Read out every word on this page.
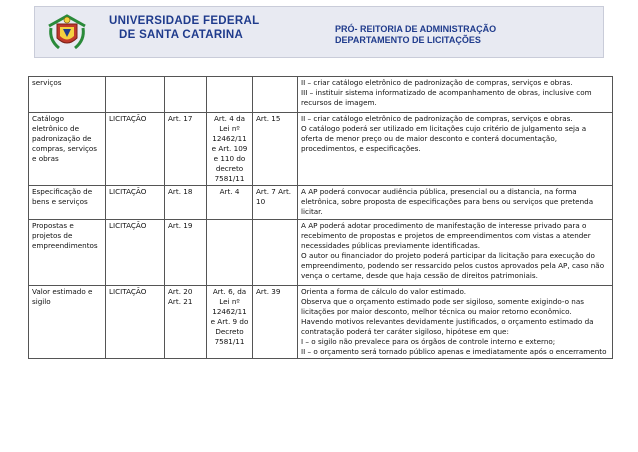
UNIVERSIDADE FEDERAL
DE SANTA CATARINA	PRÓ- REITORIA DE ADMINISTRAÇÃO
DEPARTAMENTO DE LICITAÇÕES
serviços					II – criar catálogo eletrônico de padronização de compras, serviços e obras.
III – instituir sistema informatizado de acompanhamento de obras, inclusive com recursos de imagem.

Catálogo eletrônico de padronização de compras, serviços e obras	LICITAÇÃO	Art. 17	Art. 4 da Lei nº 12462/11 e Art. 109 e 110 do decreto 7581/11	Art. 15	II – criar catálogo eletrônico de padronização de compras, serviços e obras.
O catálogo poderá ser utilizado em licitações cujo critério de julgamento seja a oferta de menor preço ou de maior desconto e conterá documentação, procedimentos, e especificações.

Especificação de bens e serviços	LICITAÇÃO	Art. 18	Art. 4	Art. 7 Art. 10	A AP poderá convocar audiência pública, presencial ou a distancia, na forma eletrônica, sobre proposta de especificações para bens ou serviços que pretenda licitar.

Propostas e projetos de empreendimentos	LICITAÇÃO	Art. 19			A AP poderá adotar procedimento de manifestação de interesse privado para o recebimento de propostas e projetos de empreendimentos com vistas a atender necessidades públicas previamente identificadas.
O autor ou financiador do projeto poderá participar da licitação para execução do empreendimento, podendo ser ressarcido pelos custos aprovados pela AP, caso não vença o certame, desde que haja cessão de direitos patrimoniais.

Valor estimado e sigilo	LICITAÇÃO	Art. 20 Art. 21	Art. 6, da Lei nº 12462/11 e Art. 9 do Decreto 7581/11	Art. 39	Orienta a forma de cálculo do valor estimado.
Observa que o orçamento estimado pode ser sigiloso, somente exigindo-o nas licitações por maior desconto, melhor técnica ou maior retorno econômico.
Havendo motivos relevantes devidamente justificados, o orçamento estimado da contratação poderá ter caráter sigiloso, hipótese em que:
I – o sigilo não prevalece para os órgãos de controle interno e externo;
II – o orçamento será tornado público apenas e imediatamente após o encerramento
